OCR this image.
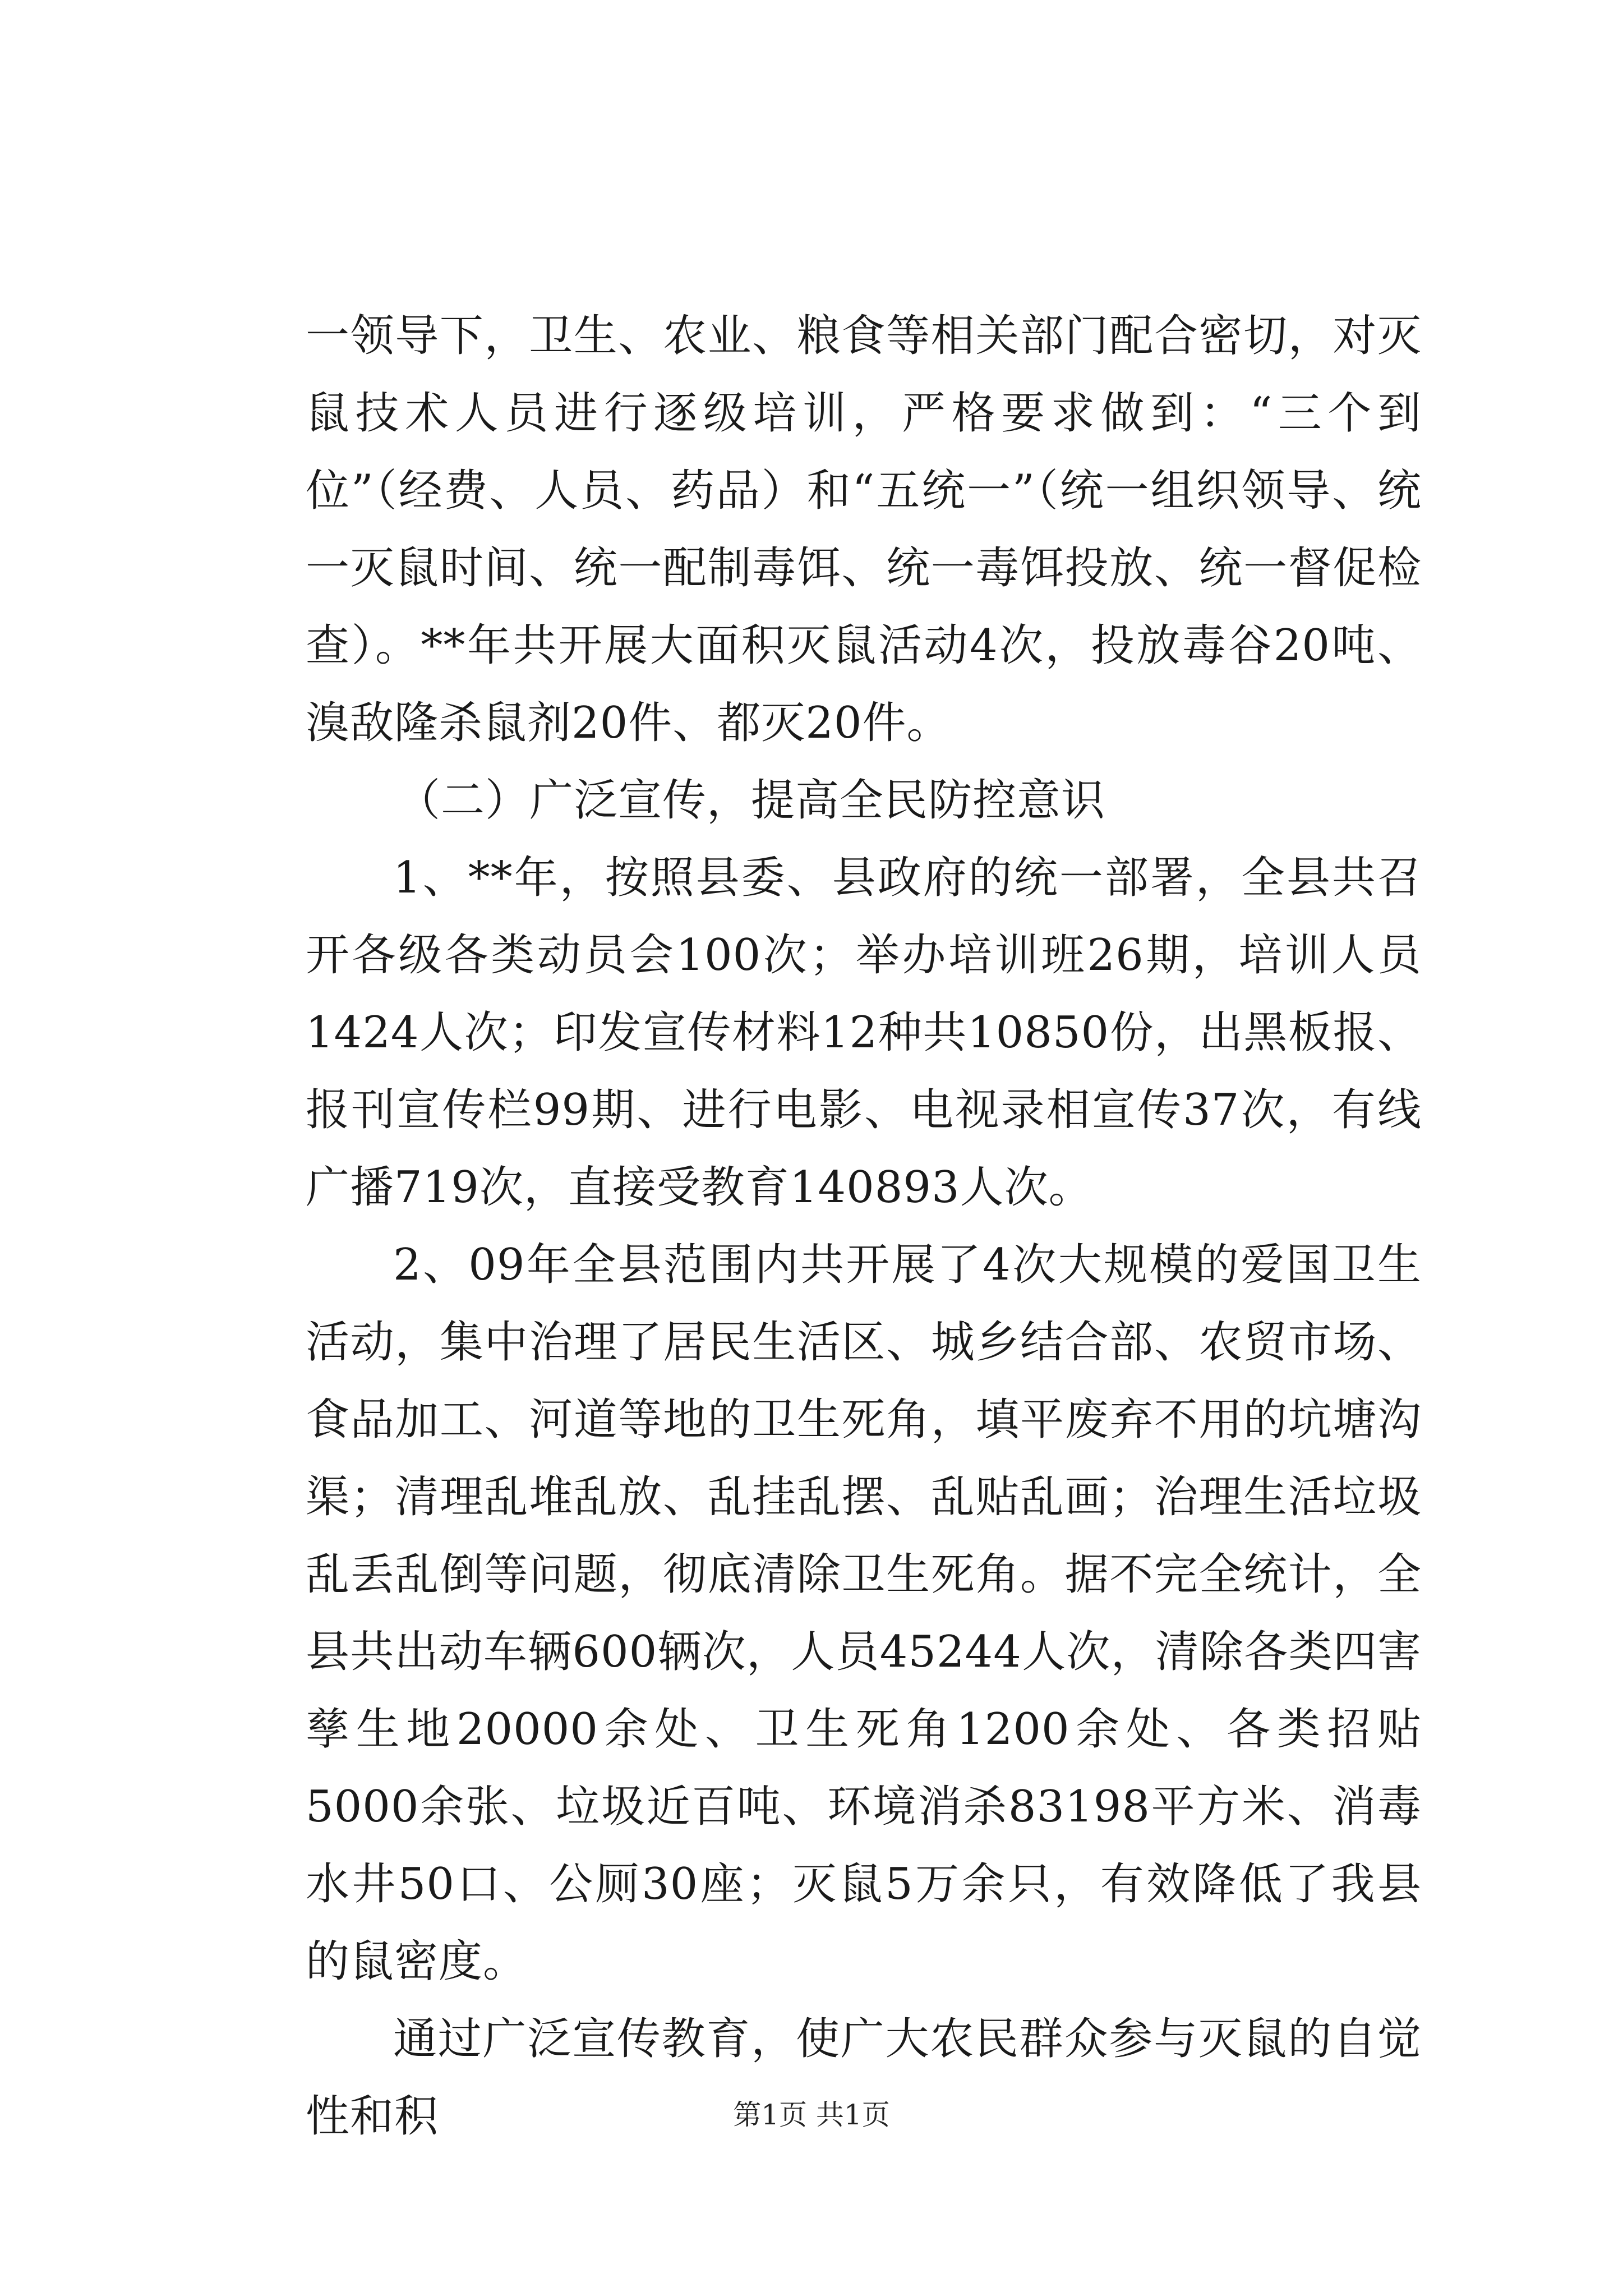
一领导下，卫生、农业、粮食等相关部门配合密切，对灭鼠技术人员进行逐级培训，严格要求做到：“三个到位”（经费、人员、药品）和“五统一”（统一组织领导、统一灭鼠时间、统一配制毒饵、统一毒饵投放、统一督促检查）。**年共开展大面积灭鼠活动4次，投放毒谷20吨、溴敌隆杀鼠剂20件、都灭20件。

（二）广泛宣传，提高全民防控意识

1、**年，按照县委、县政府的统一部署，全县共召开各级各类动员会100次；举办培训班26期，培训人员1424人次；印发宣传材料12种共10850份，出黑板报、报刊宣传栏99期、进行电影、电视录相宣传37次，有线广播719次，直接受教育140893人次。

2、09年全县范围内共开展了4次大规模的爱国卫生活动，集中治理了居民生活区、城乡结合部、农贸市场、食品加工、河道等地的卫生死角，填平废弃不用的坑塘沟渠；清理乱堆乱放、乱挂乱摆、乱贴乱画；治理生活垃圾乱丢乱倒等问题，彻底清除卫生死角。据不完全统计，全县共出动车辆600辆次，人员45244人次，清除各类四害孳生地20000余处、卫生死角1200余处、各类招贴5000余张、垃圾近百吨、环境消杀83198平方米、消毒水井50口、公厕30座；灭鼠5万余只，有效降低了我县的鼠密度。

通过广泛宣传教育，使广大农民群众参与灭鼠的自觉性和积	第1页 共1页
